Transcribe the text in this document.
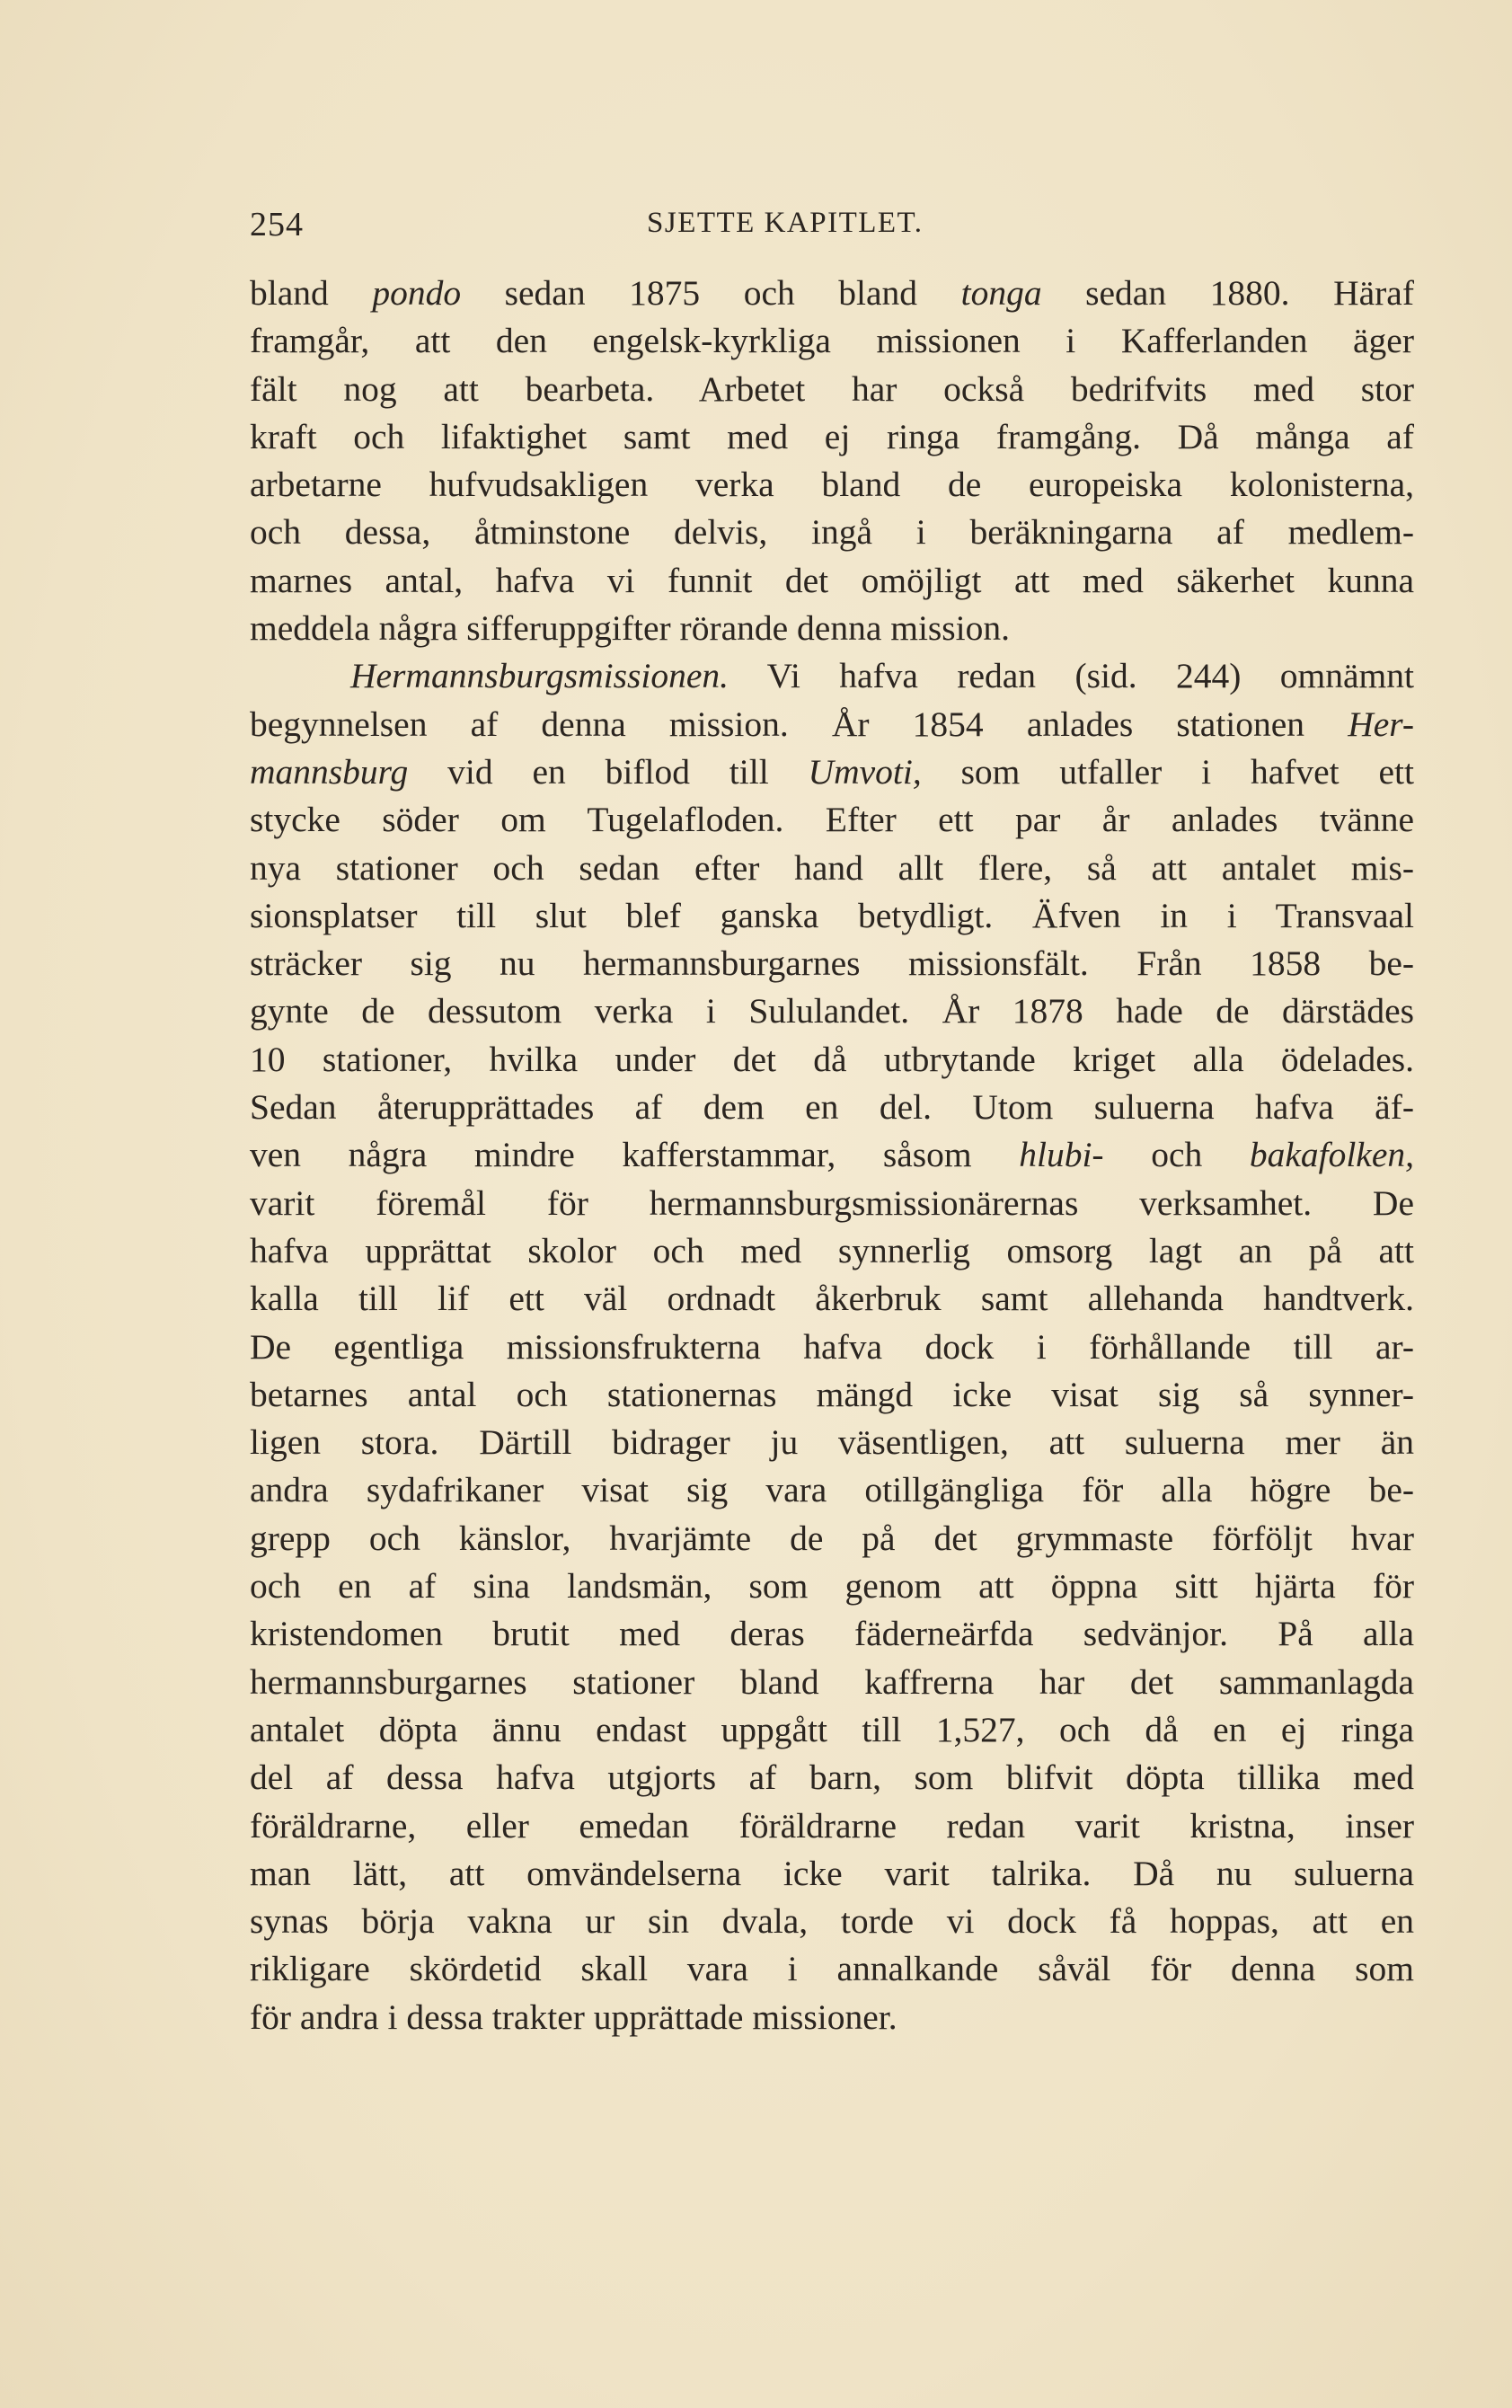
254	SJETTE KAPITLET.
bland pondo sedan 1875 och bland tonga sedan 1880. Häraf
framgår, att den engelsk-kyrkliga missionen i Kafferlanden äger
fält nog att bearbeta. Arbetet har också bedrifvits med stor
kraft och lifaktighet samt med ej ringa framgång. Då många af
arbetarne hufvudsakligen verka bland de europeiska kolonisterna,
och dessa, åtminstone delvis, ingå i beräkningarna af medlem-
marnes antal, hafva vi funnit det omöjligt att med säkerhet kunna
meddela några sifferuppgifter rörande denna mission.
Hermannsburgsmissionen. Vi hafva redan (sid. 244) omnämnt
begynnelsen af denna mission. År 1854 anlades stationen Her-
mannsburg vid en biflod till Umvoti, som utfaller i hafvet ett
stycke söder om Tugelafloden. Efter ett par år anlades tvänne
nya stationer och sedan efter hand allt flere, så att antalet mis-
sionsplatser till slut blef ganska betydligt. Äfven in i Transvaal
sträcker sig nu hermannsburgarnes missionsfält. Från 1858 be-
gynte de dessutom verka i Sululandet. År 1878 hade de därstädes
10 stationer, hvilka under det då utbrytande kriget alla ödelades.
Sedan återupprättades af dem en del. Utom suluerna hafva äf-
ven några mindre kafferstammar, såsom hlubi- och bakafolken,
varit föremål för hermannsburgsmissionärernas verksamhet. De
hafva upprättat skolor och med synnerlig omsorg lagt an på att
kalla till lif ett väl ordnadt åkerbruk samt allehanda handtverk.
De egentliga missionsfrukterna hafva dock i förhållande till ar-
betarnes antal och stationernas mängd icke visat sig så synner-
ligen stora. Därtill bidrager ju väsentligen, att suluerna mer än
andra sydafrikaner visat sig vara otillgängliga för alla högre be-
grepp och känslor, hvarjämte de på det grymmaste förföljt hvar
och en af sina landsmän, som genom att öppna sitt hjärta för
kristendomen brutit med deras fäderneärfda sedvänjor. På alla
hermannsburgarnes stationer bland kaffrerna har det sammanlagda
antalet döpta ännu endast uppgått till 1,527, och då en ej ringa
del af dessa hafva utgjorts af barn, som blifvit döpta tillika med
föräldrarne, eller emedan föräldrarne redan varit kristna, inser
man lätt, att omvändelserna icke varit talrika. Då nu suluerna
synas börja vakna ur sin dvala, torde vi dock få hoppas, att en
rikligare skördetid skall vara i annalkande såväl för denna som
för andra i dessa trakter upprättade missioner.
